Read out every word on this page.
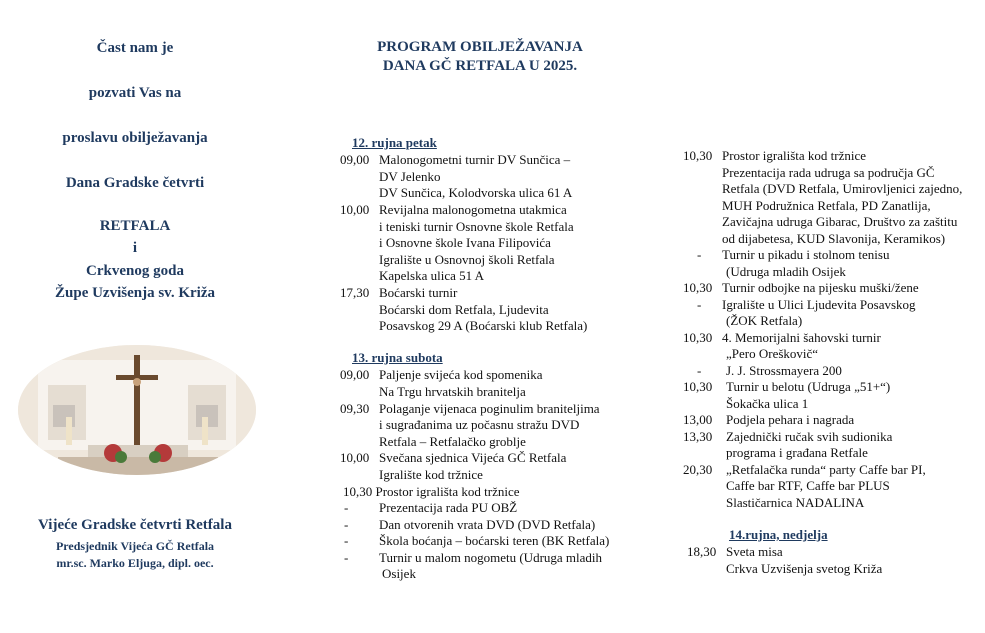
Čast nam je
pozvati Vas na
proslavu obilježavanja
Dana Gradske četvrti
RETFALA
i
Crkvenog goda
Župe Uzvišenja sv. Križa
Vijeće Gradske četvrti Retfala
Predsjednik Vijeća GČ Retfala
mr.sc. Marko Eljuga, dipl. oec.
PROGRAM OBILJEŽAVANJA
DANA GČ RETFALA U 2025.
12. rujna petak
09,00 Malonogometni turnir DV Sunčica –
DV Jelenko
DV Sunčica, Kolodvorska ulica 61 A
10,00 Revijalna malonogometna utakmica
i teniski turnir Osnovne škole Retfala
i Osnovne škole Ivana Filipovića
Igralište u Osnovnoj školi Retfala
Kapelska ulica 51 A
17,30 Boćarski turnir
Boćarski dom Retfala, Ljudevita
Posavskog 29 A (Boćarski klub Retfala)
13. rujna subota
09,00 Paljenje svijeća kod spomenika
Na Trgu hrvatskih branitelja
09,30 Polaganje vijenaca poginulim braniteljima
i sugrađanima uz počasnu stražu DVD
Retfala – Retfalačko groblje
10,00 Svečana sjednica Vijeća GČ Retfala
Igralište kod tržnice
10,30 Prostor igrališta kod tržnice
- Prezentacija rada PU OBŽ
- Dan otvorenih vrata DVD (DVD Retfala)
- Škola boćanja – boćarski teren (BK Retfala)
- Turnir u malom nogometu (Udruga mladih
Osijek
10,30 Prostor igrališta kod tržnice
Prezentacija rada udruga sa područja GČ
Retfala (DVD Retfala, Umirovljenici zajedno,
MUH Podružnica Retfala, PD Zanatlija,
Zavičajna udruga Gibarac, Društvo za zaštitu
od dijabetesa, KUD Slavonija, Keramikos)
- Turnir u pikadu i stolnom tenisu
(Udruga mladih Osijek
10,30 Turnir odbojke na pijesku muški/žene
- Igralište u Ulici Ljudevita Posavskog
(ŽOK Retfala)
10,30 4. Memorijalni šahovski turnir
„Pero Oreškovič“
- J. J. Strossmayera 200
10,30 Turnir u belotu (Udruga „51+“)
Šokačka ulica 1
13,00 Podjela pehara i nagrada
13,30 Zajednički ručak svih sudionika
programa i građana Retfale
20,30 „Retfalačka runda“ party Caffe bar PI,
Caffe bar RTF, Caffe bar PLUS
Slastičarnica NADALINA
14.rujna, nedjelja
18,30 Sveta misa
Crkva Uzvišenja svetog Križa
